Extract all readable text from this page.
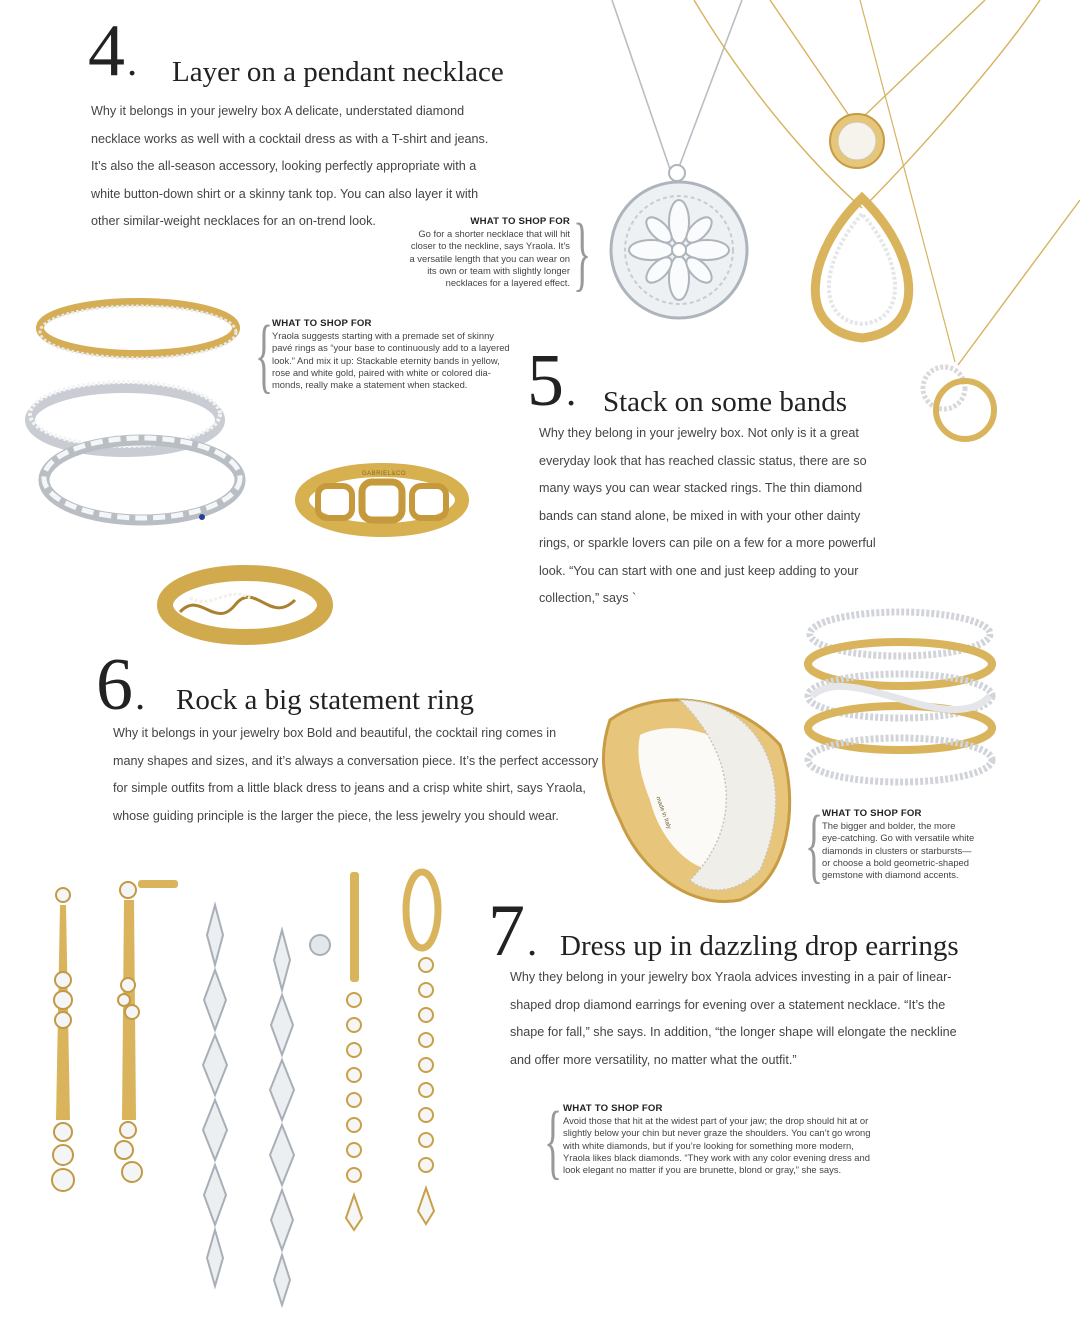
4. Layer on a pendant necklace

Why it belongs in your jewelry box A delicate, understated diamond

necklace works as well with a cocktail dress as with a T-shirt and jeans.

It’s also the all-season accessory, looking perfectly appropriate with a

white button-down shirt or a skinny tank top. You can also layer it with

other similar-weight necklaces for an on-trend look.	WHAT TO SHOP FOR

Go for a shorter necklace that will hit

closer to the neckline, says Yraola. It’s

a versatile length that you can wear on

its own or team with slightly longer

necklaces for a layered effect. }
WHAT TO SHOP FOR

Yraola suggests starting with a premade set of skinny

pavé rings as “your base to continuously add to a layered

look.” And mix it up: Stackable eternity bands in yellow,

rose and white gold, paired with white or colored dia-

monds, really make a statement when stacked.

{	5. Stack on some bands

Why they belong in your jewelry box. Not only is it a great

everyday look that has reached classic status, there are so

many ways you can wear stacked rings. The thin diamond

bands can stand alone, be mixed in with your other dainty

rings, or sparkle lovers can pile on a few for a more powerful

look. “You can start with one and just keep adding to your

collection,” says `

GABRIEL&CO
6. Rock a big statement ring

Why it belongs in your jewelry box Bold and beautiful, the cocktail ring comes in

many shapes and sizes, and it’s always a conversation piece. It’s the perfect accessory

for simple outfits from a little black dress to jeans and a crisp white shirt, says Yraola,

whose guiding principle is the larger the piece, the less jewelry you should wear.	made in Italy	WHAT TO SHOP FOR

The bigger and bolder, the more

eye-catching. Go with versatile white

diamonds in clusters or starbursts—

or choose a bold geometric-shaped

gemstone with diamond accents.

{
7. Dress up in dazzling drop earrings

Why they belong in your jewelry box Yraola advices investing in a pair of linear-

shaped drop diamond earrings for evening over a statement necklace. “It’s the

shape for fall,” she says. In addition, “the longer shape will elongate the neckline

and offer more versatility, no matter what the outfit.”

WHAT TO SHOP FOR

Avoid those that hit at the widest part of your jaw; the drop should hit at or

slightly below your chin but never graze the shoulders. You can’t go wrong

with white diamonds, but if you’re looking for something more modern,

Yraola likes black diamonds. “They work with any color evening dress and

look elegant no matter if you are brunette, blond or gray,” she says.

{
